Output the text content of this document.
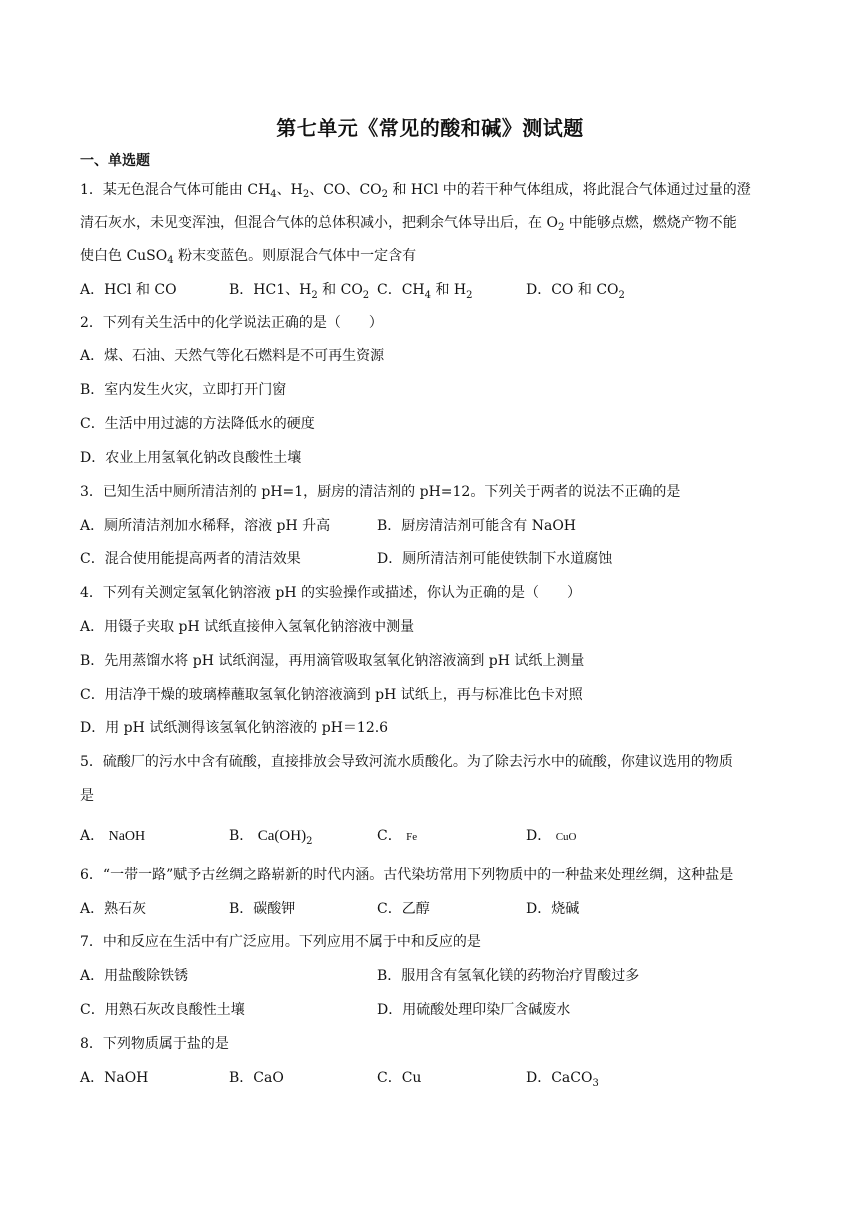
第七单元《常见的酸和碱》测试题
一、单选题
1．某无色混合气体可能由 $CH_4$、$H_2$、CO、$CO_2$ 和 HCl 中的若干种气体组成，将此混合气体通过过量的澄
清石灰水，未见变浑浊，但混合气体的总体积减小，把剩余气体导出后，在 $O_2$ 中能够点燃，燃烧产物不能
使白色 CuSO$_4$ 粉末变蓝色。则原混合气体中一定含有
A．HCl 和 CO	B．HC1、$H_2$ 和 $CO_2$ C．$CH_4$ 和 $H_2$	D．CO 和 $CO_2$
2．下列有关生活中的化学说法正确的是（　　）
A．煤、石油、天然气等化石燃料是不可再生资源
B．室内发生火灾，立即打开门窗
C．生活中用过滤的方法降低水的硬度
D．农业上用氢氧化钠改良酸性土壤
3．已知生活中厕所清洁剂的 pH=1，厨房的清洁剂的 pH=12。下列关于两者的说法不正确的是
A．厕所清洁剂加水稀释，溶液 pH 升高	B．厨房清洁剂可能含有 NaOH
C．混合使用能提高两者的清洁效果	D．厕所清洁剂可能使铁制下水道腐蚀
4．下列有关测定氢氧化钠溶液 pH 的实验操作或描述，你认为正确的是（　　）
A．用镊子夹取 pH 试纸直接伸入氢氧化钠溶液中测量
B．先用蒸馏水将 pH 试纸润湿，再用滴管吸取氢氧化钠溶液滴到 pH 试纸上测量
C．用洁净干燥的玻璃棒蘸取氢氧化钠溶液滴到 pH 试纸上，再与标准比色卡对照
D．用 pH 试纸测得该氢氧化钠溶液的 pH＝12.6
5．硫酸厂的污水中含有硫酸，直接排放会导致河流水质酸化。为了除去污水中的硫酸，你建议选用的物质
是
A． NaOH	B． $Ca(OH)_2$	C． Fe	D． CuO
6．“一带一路”赋予古丝绸之路崭新的时代内涵。古代染坊常用下列物质中的一种盐来处理丝绸，这种盐是
A．熟石灰	B．碳酸钾	C．乙醇	D．烧碱
7．中和反应在生活中有广泛应用。下列应用不属于中和反应的是
A．用盐酸除铁锈	B．服用含有氢氧化镁的药物治疗胃酸过多
C．用熟石灰改良酸性土壤	D．用硫酸处理印染厂含碱废水
8．下列物质属于盐的是
A．NaOH	B．CaO	C．Cu	D．CaCO$_3$
